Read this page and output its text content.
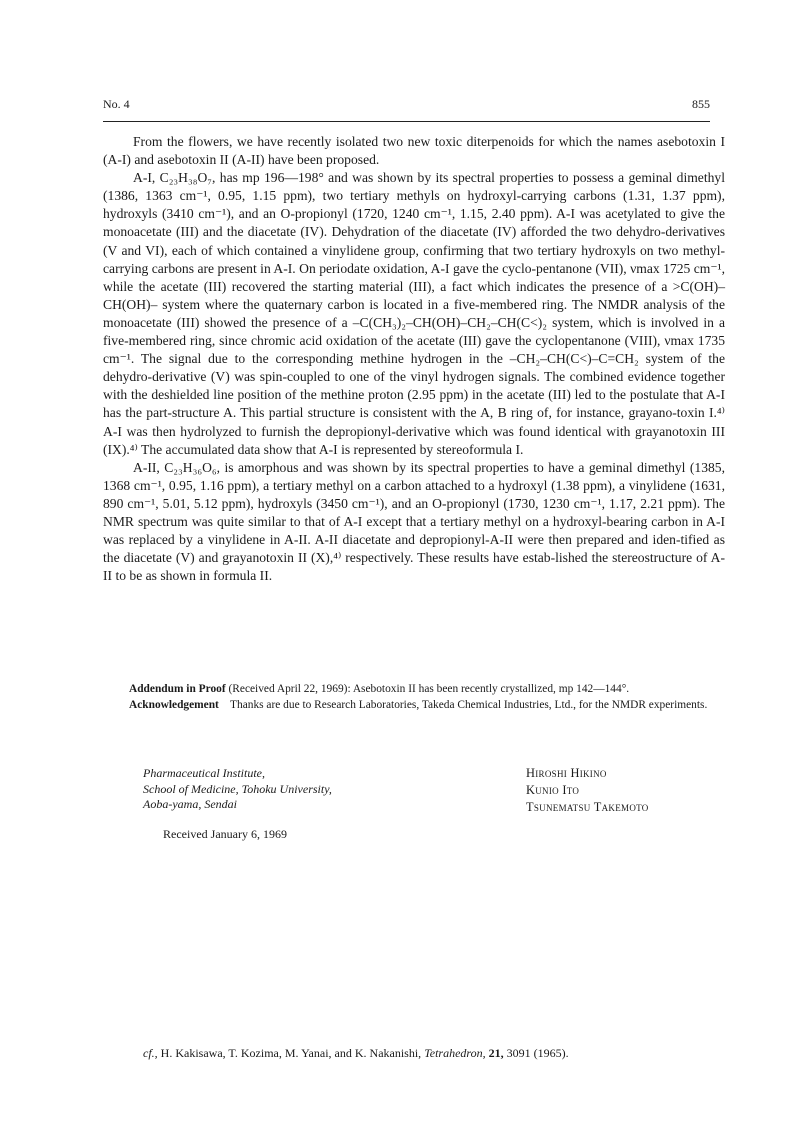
No. 4	855

From the flowers, we have recently isolated two new toxic diterpenoids for which the names asebotoxin I (A-I) and asebotoxin II (A-II) have been proposed.

A-I, C₂₃H₃₈O₇, has mp 196—198° and was shown by its spectral properties to possess a geminal dimethyl (1386, 1363 cm⁻¹, 0.95, 1.15 ppm), two tertiary methyls on hydroxyl-carrying carbons (1.31, 1.37 ppm), hydroxyls (3410 cm⁻¹), and an O-propionyl (1720, 1240 cm⁻¹, 1.15, 2.40 ppm). A-I was acetylated to give the monoacetate (III) and the diacetate (IV). Dehydration of the diacetate (IV) afforded the two dehydro-derivatives (V and VI), each of which contained a vinylidene group, confirming that two tertiary hydroxyls on two methyl-carrying carbons are present in A-I. On periodate oxidation, A-I gave the cyclo-pentanone (VII), νmax 1725 cm⁻¹, while the acetate (III) recovered the starting material (III), a fact which indicates the presence of a >C(OH)–CH(OH)– system where the quaternary carbon is located in a five-membered ring. The NMDR analysis of the monoacetate (III) showed the presence of a –C(CH₃)₂–CH(OH)–CH₂–CH(C<)₂ system, which is involved in a five-membered ring, since chromic acid oxidation of the acetate (III) gave the cyclopentanone (VIII), νmax 1735 cm⁻¹. The signal due to the corresponding methine hydrogen in the –CH₂–CH(C<)–C=CH₂ system of the dehydro-derivative (V) was spin-coupled to one of the vinyl hydrogen signals. The combined evidence together with the deshielded line position of the methine proton (2.95 ppm) in the acetate (III) led to the postulate that A-I has the part-structure A. This partial structure is consistent with the A, B ring of, for instance, grayano-toxin I.⁴⁾ A-I was then hydrolyzed to furnish the depropionyl-derivative which was found identical with grayanotoxin III (IX).⁴⁾ The accumulated data show that A-I is represented by stereoformula I.

A-II, C₂₃H₃₆O₆, is amorphous and was shown by its spectral properties to have a geminal dimethyl (1385, 1368 cm⁻¹, 0.95, 1.16 ppm), a tertiary methyl on a carbon attached to a hydroxyl (1.38 ppm), a vinylidene (1631, 890 cm⁻¹, 5.01, 5.12 ppm), hydroxyls (3450 cm⁻¹), and an O-propionyl (1730, 1230 cm⁻¹, 1.17, 2.21 ppm). The NMR spectrum was quite similar to that of A-I except that a tertiary methyl on a hydroxyl-bearing carbon in A-I was replaced by a vinylidene in A-II. A-II diacetate and depropionyl-A-II were then prepared and iden-tified as the diacetate (V) and grayanotoxin II (X),⁴⁾ respectively. These results have estab-lished the stereostructure of A-II to be as shown in formula II.

Addendum in Proof (Received April 22, 1969): Asebotoxin II has been recently crystallized, mp 142—144°.

Acknowledgement Thanks are due to Research Laboratories, Takeda Chemical Industries, Ltd., for the NMDR experiments.

Pharmaceutical Institute,
School of Medicine, Tohoku University,
Aoba-yama, Sendai
Hiroshi Hikino
Kunio Ito
Tsunematsu Takemoto
Received January 6, 1969
cf., H. Kakisawa, T. Kozima, M. Yanai, and K. Nakanishi, Tetrahedron, 21, 3091 (1965).
